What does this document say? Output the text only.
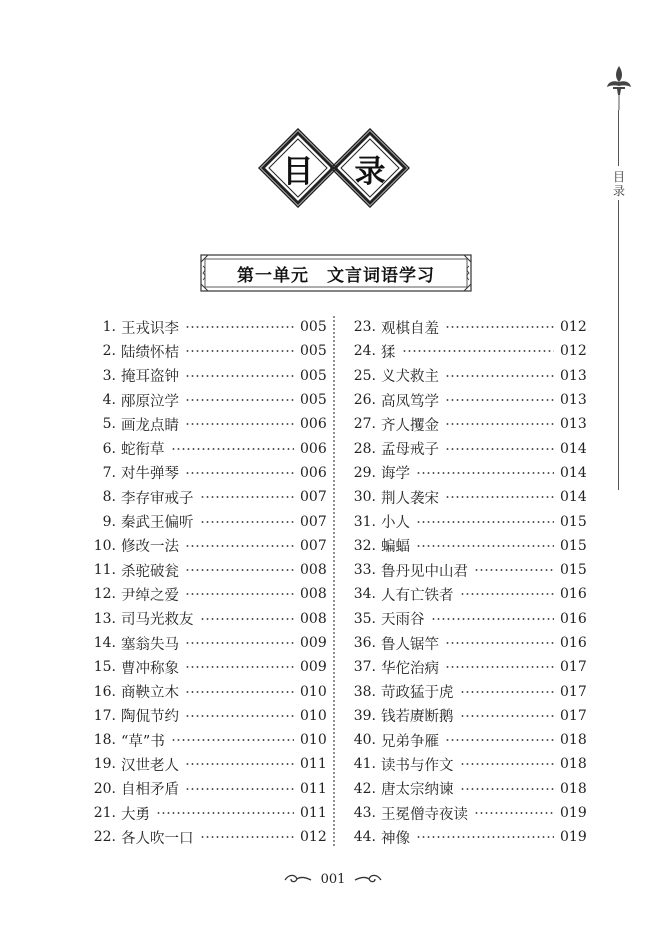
目录
目	录
第一单元　文言词语学习
1. 王戎识李	005
2. 陆绩怀桔	005
3. 掩耳盗钟	005
4. 邴原泣学	005
5. 画龙点睛	006
6. 蛇衔草	006
7. 对牛弹琴	006
8. 李存审戒子	007
9. 秦武王偏听	007
10. 修改一法	007
11. 杀驼破瓮	008
12. 尹绰之爱	008
13. 司马光救友	008
14. 塞翁失马	009
15. 曹冲称象	009
16. 商鞅立木	010
17. 陶侃节约	010
18. “草”书	010
19. 汉世老人	011
20. 自相矛盾	011
21. 大勇	011
22. 各人吹一口	012
23. 观棋自羞	012
24. 猱	012
25. 义犬救主	013
26. 高凤笃学	013
27. 齐人攫金	013
28. 孟母戒子	014
29. 诲学	014
30. 荆人袭宋	014
31. 小人	015
32. 蝙蝠	015
33. 鲁丹见中山君	015
34. 人有亡铁者	016
35. 天雨谷	016
36. 鲁人锯竿	016
37. 华佗治病	017
38. 苛政猛于虎	017
39. 钱若赓断鹅	017
40. 兄弟争雁	018
41. 读书与作文	018
42. 唐太宗纳谏	018
43. 王冕僧寺夜读	019
44. 神像	019
001
